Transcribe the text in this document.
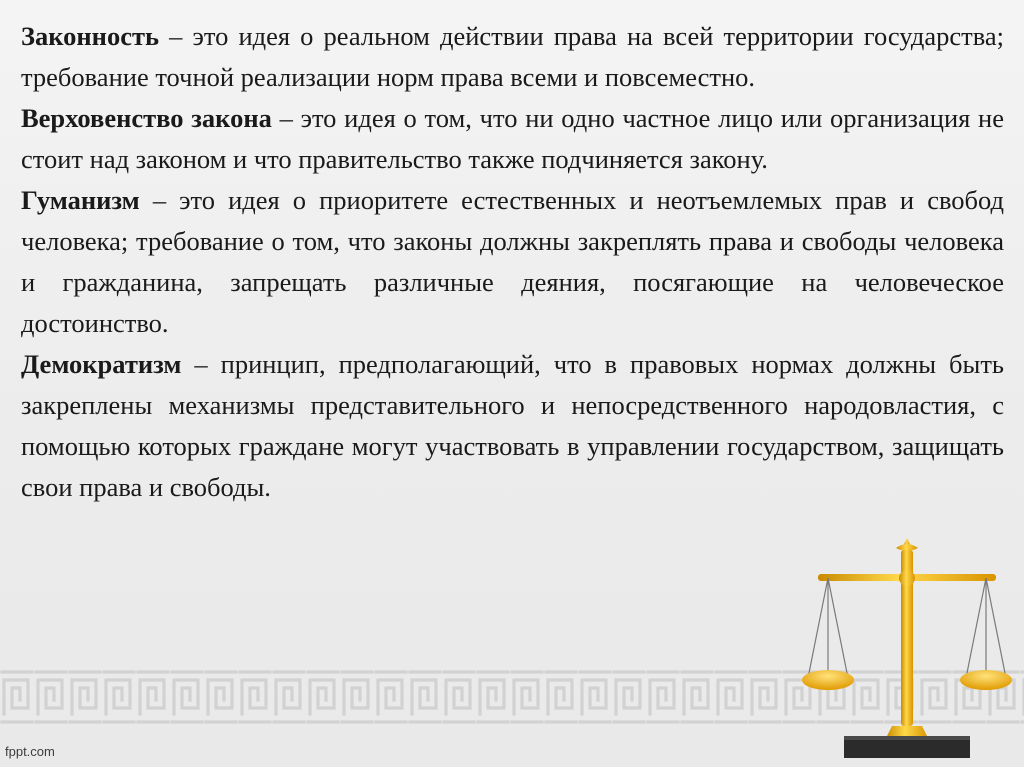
Законность – это идея о реальном действии права на всей территории государства; требование точной реализации норм права всеми и повсеместно.

Верховенство закона – это идея о том, что ни одно частное лицо или организация не стоит над законом и что правительство также подчиняется закону.

Гуманизм – это идея о приоритете естественных и неотъемлемых прав и свобод человека; требование о том, что законы должны закреплять права и свободы человека и гражданина, запрещать различные деяния, посягающие на человеческое достоинство.

Демократизм – принцип, предполагающий, что в правовых нормах должны быть закреплены механизмы представительного и непосредственного народовластия, с помощью которых граждане могут участвовать в управлении государством, защищать свои права и свободы.

fppt.com
